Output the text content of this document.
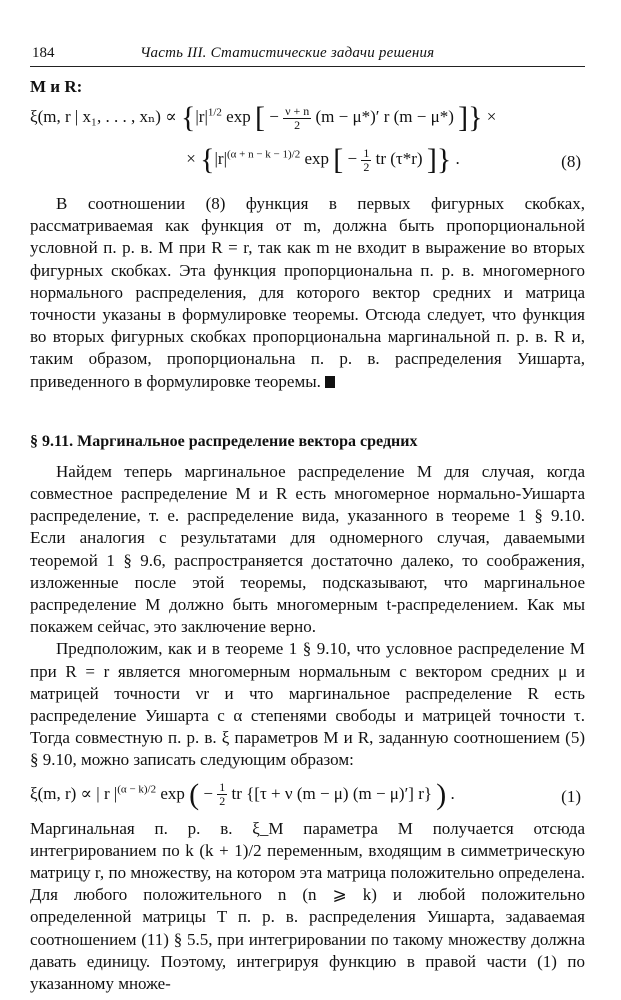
184	Часть III. Статистические задачи решения
М и R:
ξ(m, r | x₁, . . . , $x_n) \propto \{|r|^{1/2}$ exp [ − $\frac{\nu + n}{2} (m - \mu*)'$ r (m − μ*) ]} ×
× {$|r|^{(\alpha + n - k - 1)/2}$ exp [ − $\frac{1}{2}$ tr (τ*r) ]} .	(8)

В соотношении (8) функция в первых фигурных скобках, рассматриваемая как функция от m, должна быть пропорциональной условной п. р. в. M при R = r, так как m не входит в выражение во вторых фигурных скобках. Эта функция пропорциональна п. р. в. многомерного нормального распределения, для которого вектор средних и матрица точности указаны в формулировке теоремы. Отсюда следует, что функция во вторых фигурных скобках пропорциональна маргинальной п. р. в. R и, таким образом, пропорциональна п. р. в. распределения Уишарта, приведенного в формулировке теоремы.

§ 9.11. Маргинальное распределение вектора средних

Найдем теперь маргинальное распределение M для случая, когда совместное распределение M и R есть многомерное нормально-Уишарта распределение, т. е. распределение вида, указанного в теореме 1 § 9.10. Если аналогия с результатами для одномерного случая, даваемыми теоремой 1 § 9.6, распространяется достаточно далеко, то соображения, изложенные после этой теоремы, подсказывают, что маргинальное распределение M должно быть многомерным t-распределением. Как мы покажем сейчас, это заключение верно.

Предположим, как и в теореме 1 § 9.10, что условное распределение M при R = r является многомерным нормальным с вектором средних μ и матрицей точности νr и что маргинальное распределение R есть распределение Уишарта с α степенями свободы и матрицей точности τ. Тогда совместную п. р. в. ξ параметров M и R, заданную соотношением (5) § 9.10, можно записать следующим образом:

ξ(m, r) ∝ | r $|^{(\alpha - k)/2}$ exp ( − $\frac{1}{2}$ tr {[τ + ν (m − μ) (m − μ)′] r} ) .	(1)

Маргинальная п. р. в. ξ_M параметра M получается отсюда интегрированием по k (k + 1)/2 переменным, входящим в симметрическую матрицу r, по множеству, на котором эта матрица положительно определена. Для любого положительного n (n ⩾ k) и любой положительно определенной матрицы T п. р. в. распределения Уишарта, задаваемая соотношением (11) § 5.5, при интегрировании по такому множеству должна давать единицу. Поэтому, интегрируя функцию в правой части (1) по указанному множе-
